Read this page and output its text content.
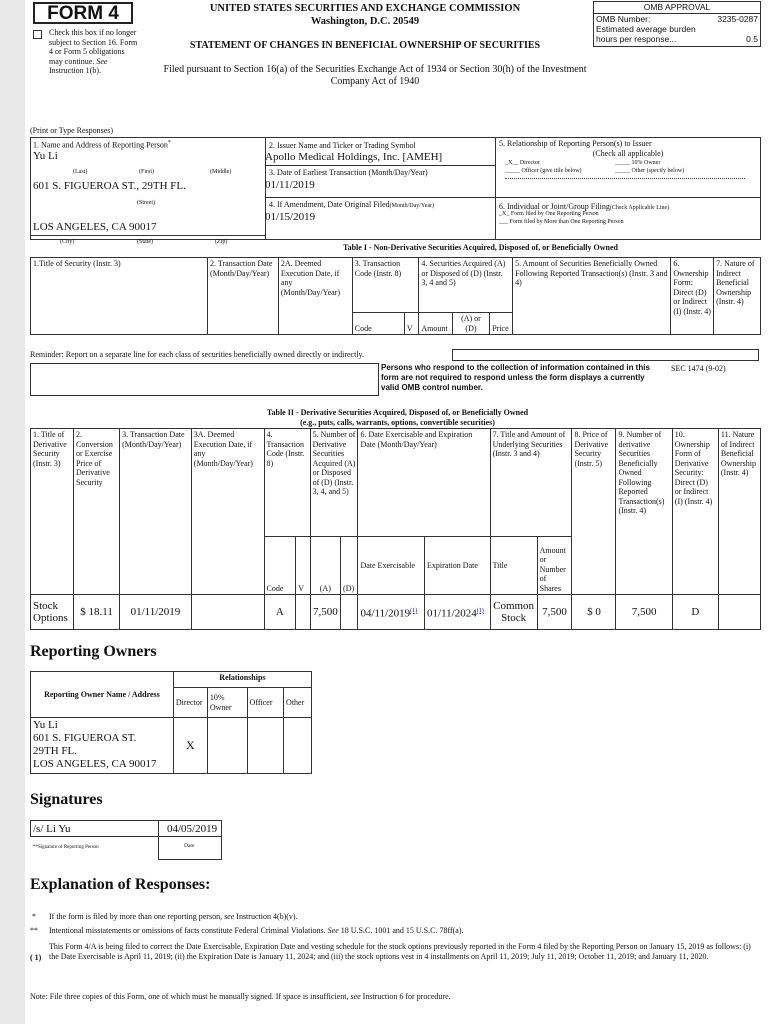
FORM 4
Check this box if no longer subject to Section 16. Form 4 or Form 5 obligations may continue. See Instruction 1(b).
UNITED STATES SECURITIES AND EXCHANGE COMMISSION
Washington, D.C. 20549
STATEMENT OF CHANGES IN BENEFICIAL OWNERSHIP OF SECURITIES
Filed pursuant to Section 16(a) of the Securities Exchange Act of 1934 or Section 30(h) of the Investment Company Act of 1940
OMB APPROVAL
OMB Number:	3235-0287
Estimated average burden
hours per response...	0.5
(Print or Type Responses)
1. Name and Address of Reporting Person*
Yu Li
(Last)	(First)	(Middle)
601 S. FIGUEROA ST., 29TH FL.
(Street)
LOS ANGELES, CA 90017
(City)	(State)	(Zip)
2. Issuer Name and Ticker or Trading Symbol
Apollo Medical Holdings, Inc. [AMEH]
3. Date of Earliest Transaction (Month/Day/Year)
01/11/2019
4. If Amendment, Date Original Filed(Month/Day/Year)
01/15/2019
5. Relationship of Reporting Person(s) to Issuer
(Check all applicable)
_X__ Director	_____ 10% Owner
_____ Officer (give title below)	_____ Other (specify below)
6. Individual or Joint/Group Filing(Check Applicable Line)
_X_ Form filed by One Reporting Person
___ Form filed by More than One Reporting Person
Table I - Non-Derivative Securities Acquired, Disposed of, or Beneficially Owned
1.Title of Security (Instr. 3)	2. Transaction Date (Month/Day/Year)	2A. Deemed Execution Date, if any (Month/Day/Year)	3. Transaction Code (Instr. 8)		4. Securities Acquired (A) or Disposed of (D) (Instr. 3, 4 and 5)			5. Amount of Securities Beneficially Owned Following Reported Transaction(s) (Instr. 3 and 4)	6. Ownership Form: Direct (D) or Indirect (I) (Instr. 4)	7. Nature of Indirect Beneficial Ownership (Instr. 4)
			Code	V	Amount	(A) or (D)	Price			
Reminder: Report on a separate line for each class of securities beneficially owned directly or indirectly.
Persons who respond to the collection of information contained in this form are not required to respond unless the form displays a currently valid OMB control number.
SEC 1474 (9-02)
Table II - Derivative Securities Acquired, Disposed of, or Beneficially Owned
(e.g., puts, calls, warrants, options, convertible securities)
1. Title of Derivative Security (Instr. 3)	2. Conversion or Exercise Price of Derivative Security	3. Transaction Date (Month/Day/Year)	3A. Deemed Execution Date, if any (Month/Day/Year)	4. Transaction Code (Instr. 8)		5. Number of Derivative Securities Acquired (A) or Disposed of (D) (Instr. 3, 4, and 5)		6. Date Exercisable and Expiration Date (Month/Day/Year)		7. Title and Amount of Underlying Securities (Instr. 3 and 4)		8. Price of Derivative Security (Instr. 5)	9. Number of derivative Securities Beneficially Owned Following Reported Transaction(s) (Instr. 4)	10. Ownership Form of Derivative Security: Direct (D) or Indirect (I) (Instr. 4)	11. Nature of Indirect Beneficial Ownership (Instr. 4)
				Code	V	(A)	(D)	Date Exercisable	Expiration Date	Title	Amount or Number of Shares				
Stock Options	$ 18.11	01/11/2019		A		7,500		04/11/2019$^{(1)}$	01/11/2024$^{(1)}$	Common Stock	7,500	$ 0	7,500	D	
Reporting Owners
Reporting Owner Name / Address	Relationships			
	Director	10% Owner	Officer	Other

Yu Li
601 S. FIGUEROA ST.
29TH FL.
LOS ANGELES, CA 90017	X			
Signatures
/s/ Li Yu
**Signature of Reporting Person
04/05/2019
Date
Explanation of Responses:
* If the form is filed by more than one reporting person, see Instruction 4(b)(v).
** Intentional misstatements or omissions of facts constitute Federal Criminal Violations. See 18 U.S.C. 1001 and 15 U.S.C. 78ff(a).
( 1)
This Form 4/A is being filed to correct the Date Exercisable, Expiration Date and vesting schedule for the stock options previously reported in the Form 4 filed by the Reporting Person on January 15, 2019 as follows: (i) the Date Exercisable is April 11, 2019; (ii) the Expiration Date is January 11, 2024; and (iii) the stock options vest in 4 installments on April 11, 2019; July 11, 2019; October 11, 2019; and January 11, 2020.
Note: File three copies of this Form, one of which must be manually signed. If space is insufficient, see Instruction 6 for procedure.
